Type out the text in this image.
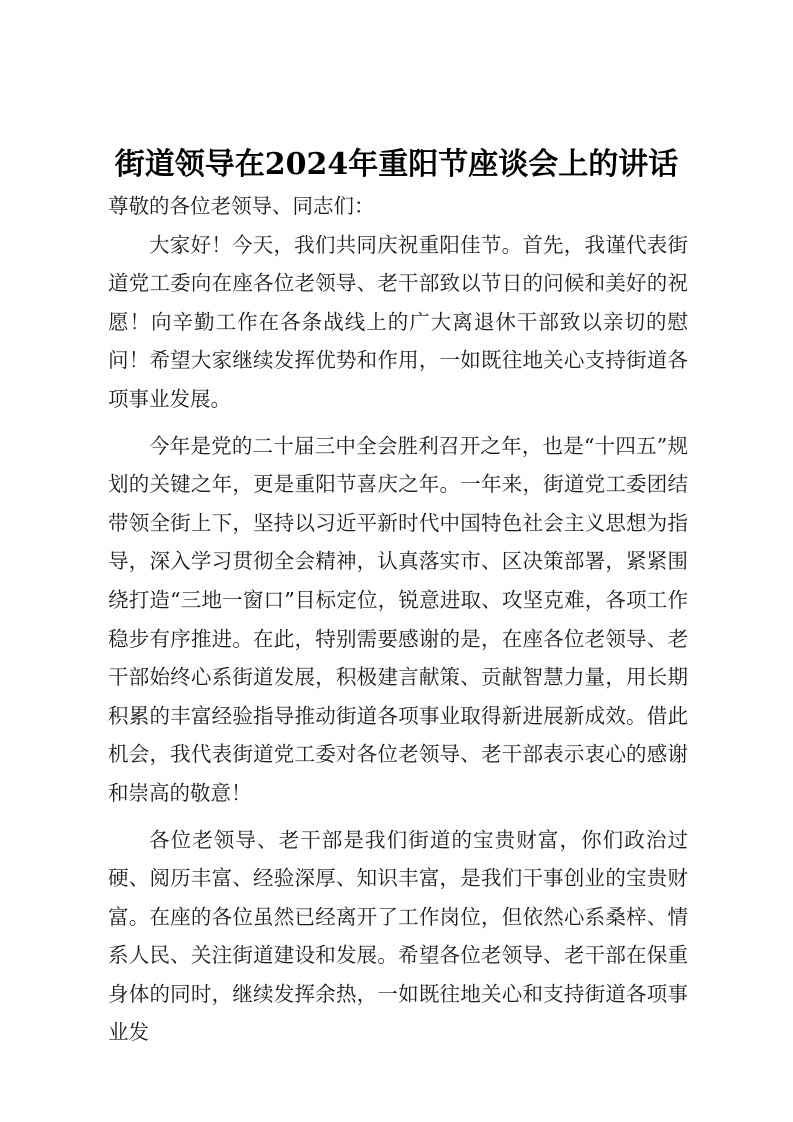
街道领导在2024年重阳节座谈会上的讲话

尊敬的各位老领导、同志们：

大家好！今天，我们共同庆祝重阳佳节。首先，我谨代表街道党工委向在座各位老领导、老干部致以节日的问候和美好的祝愿！向辛勤工作在各条战线上的广大离退休干部致以亲切的慰问！希望大家继续发挥优势和作用，一如既往地关心支持街道各项事业发展。

今年是党的二十届三中全会胜利召开之年，也是“十四五”规划的关键之年，更是重阳节喜庆之年。一年来，街道党工委团结带领全街上下，坚持以习近平新时代中国特色社会主义思想为指导，深入学习贯彻全会精神，认真落实市、区决策部署，紧紧围绕打造“三地一窗口”目标定位，锐意进取、攻坚克难，各项工作稳步有序推进。在此，特别需要感谢的是，在座各位老领导、老干部始终心系街道发展，积极建言献策、贡献智慧力量，用长期积累的丰富经验指导推动街道各项事业取得新进展新成效。借此机会，我代表街道党工委对各位老领导、老干部表示衷心的感谢和崇高的敬意！

各位老领导、老干部是我们街道的宝贵财富，你们政治过硬、阅历丰富、经验深厚、知识丰富，是我们干事创业的宝贵财富。在座的各位虽然已经离开了工作岗位，但依然心系桑梓、情系人民、关注街道建设和发展。希望各位老领导、老干部在保重身体的同时，继续发挥余热，一如既往地关心和支持街道各项事业发
